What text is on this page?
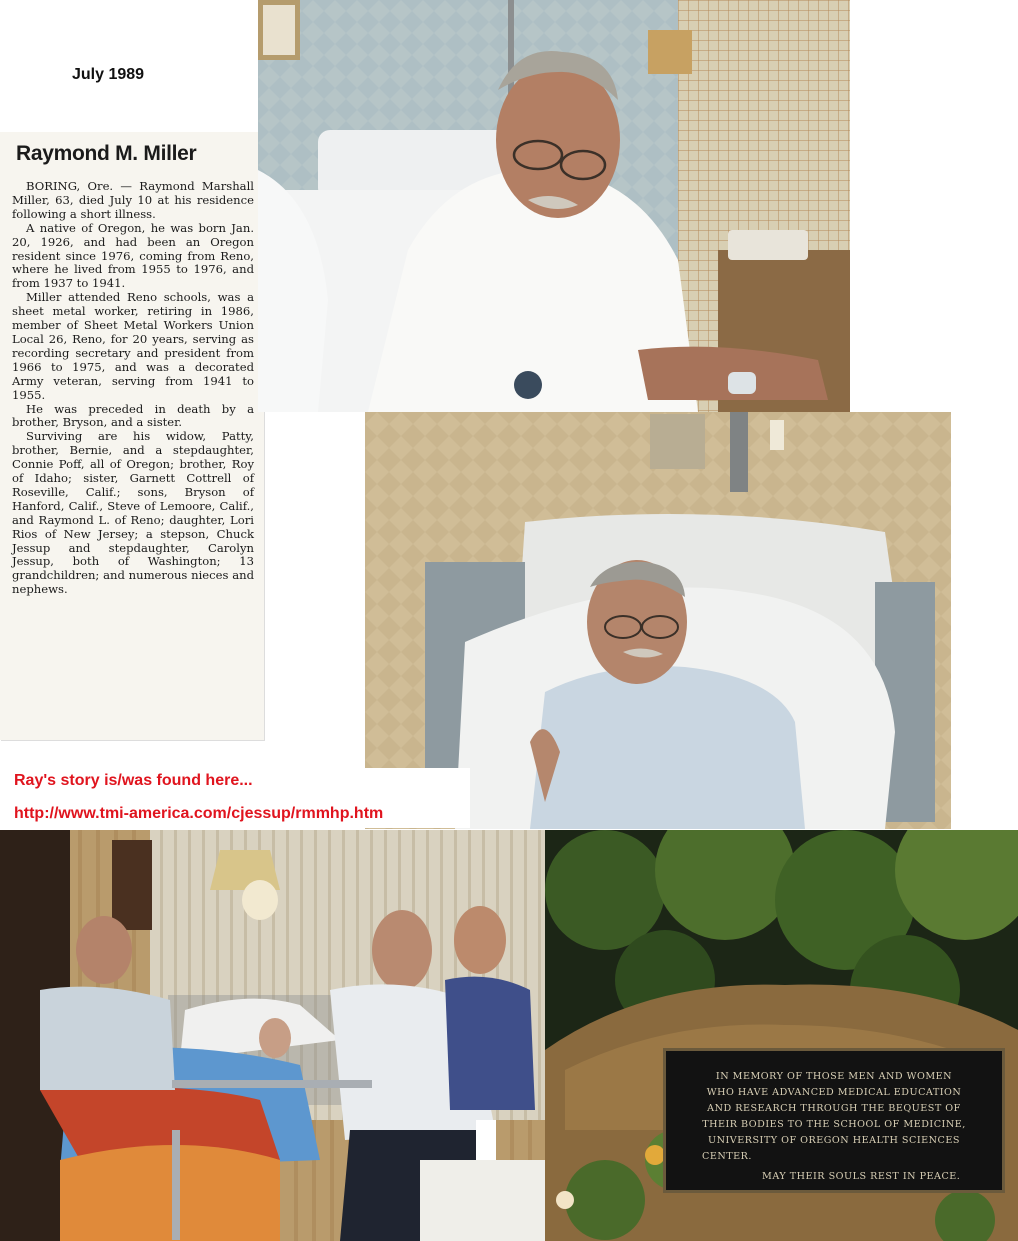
July 1989
Raymond M. Miller

BORING, Ore. — Raymond Marshall Miller, 63, died July 10 at his residence following a short illness.

A native of Oregon, he was born Jan. 20, 1926, and had been an Oregon resident since 1976, coming from Reno, where he lived from 1955 to 1976, and from 1937 to 1941.

Miller attended Reno schools, was a sheet metal worker, retiring in 1986, member of Sheet Metal Workers Union Local 26, Reno, for 20 years, serving as recording secretary and president from 1966 to 1975, and was a decorated Army veteran, serving from 1941 to 1955.

He was preceded in death by a brother, Bryson, and a sister.

Surviving are his widow, Patty, brother, Bernie, and a stepdaughter, Connie Poff, all of Oregon; brother, Roy of Idaho; sister, Garnett Cottrell of Roseville, Calif.; sons, Bryson of Hanford, Calif., Steve of Lemoore, Calif., and Raymond L. of Reno; daughter, Lori Rios of New Jersey; a stepson, Chuck Jessup and stepdaughter, Carolyn Jessup, both of Washington; 13 grandchildren; and numerous nieces and nephews.

Ray's story is/was found here...
http://www.tmi-america.com/cjessup/rmmhp.htm
IN MEMORY OF THOSE MEN AND WOMEN
WHO HAVE ADVANCED MEDICAL EDUCATION
AND RESEARCH THROUGH THE BEQUEST OF
THEIR BODIES TO THE SCHOOL OF MEDICINE,
UNIVERSITY OF OREGON HEALTH SCIENCES
CENTER.
MAY THEIR SOULS REST IN PEACE.
